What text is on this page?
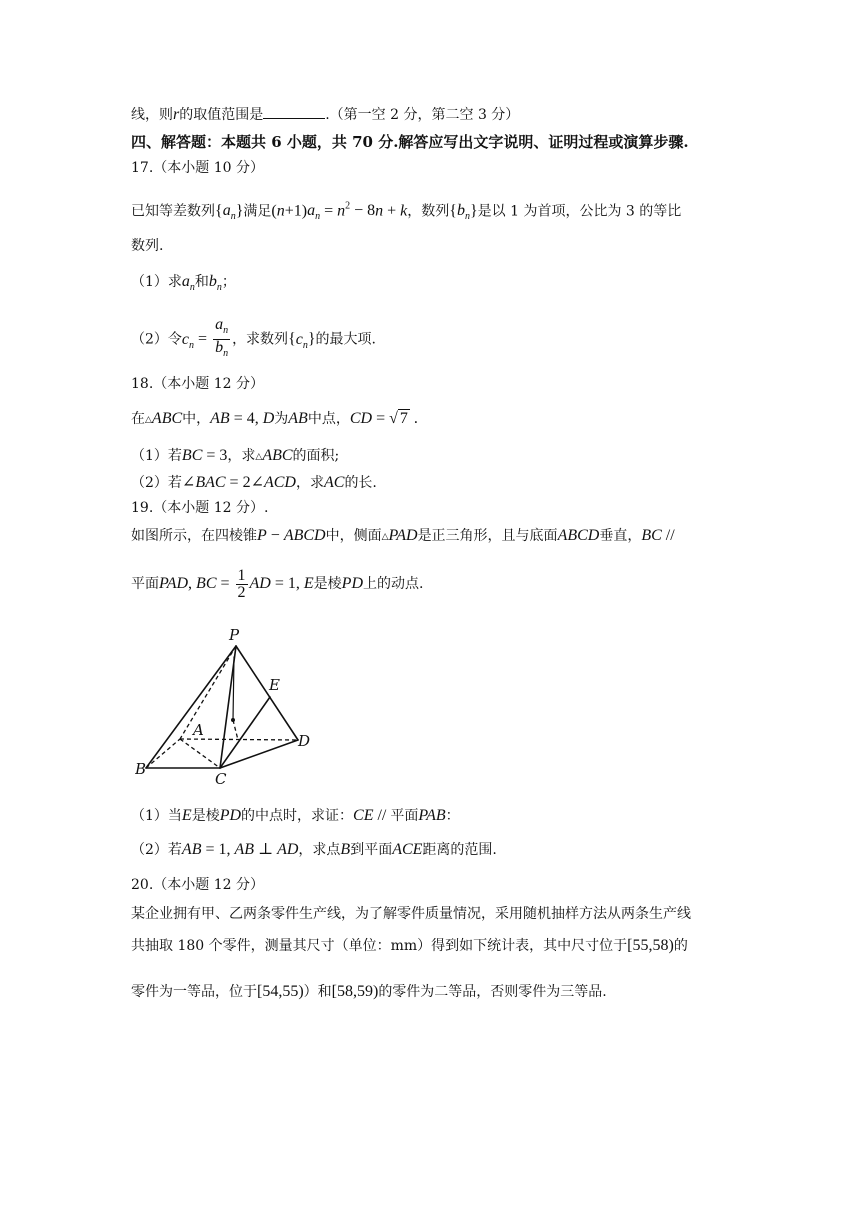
线，则r的取值范围是	.（第一空 2 分，第二空 3 分）
四、解答题：本题共 6 小题，共 70 分.解答应写出文字说明、证明过程或演算步骤.
17.（本小题 10 分）
已知等差数列$\{a_n\}$满足$(n+1)a_n = n^2 - 8n + k$，数列$\{b_n\}$是以 1 为首项，公比为 3 的等比
数列.
（1）求$a_n$和$b_n$；
（2）令$c_n = \frac{a_n}{b_n}$ ，求数列$\{c_n\}$的最大项.
18.（本小题 12 分）
在△ABC中，AB = 4, D为AB中点，CD = √ 7 .
（1）若BC = 3，求△ABC的面积;
（2）若∠BAC = 2∠ACD，求AC的长.
19.（本小题 12 分）.
如图所示，在四棱锥P − ABCD中，侧面△PAD是正三角形，且与底面ABCD垂直，BC //
平面PAD, BC = $\frac{1}{2}$ AD = 1, E是棱PD上的动点.
P
A
B
C
D
E
（1）当E是棱PD的中点时，求证：CE // 平面PAB：
（2）若AB = 1, AB ⊥ AD，求点B到平面ACE距离的范围.
20.（本小题 12 分）
某企业拥有甲、乙两条零件生产线，为了解零件质量情况，采用随机抽样方法从两条生产线
共抽取 180 个零件，测量其尺寸（单位：mm）得到如下统计表，其中尺寸位于[55,58)的
零件为一等品，位于[54,55)）和[58,59)的零件为二等品，否则零件为三等品.
